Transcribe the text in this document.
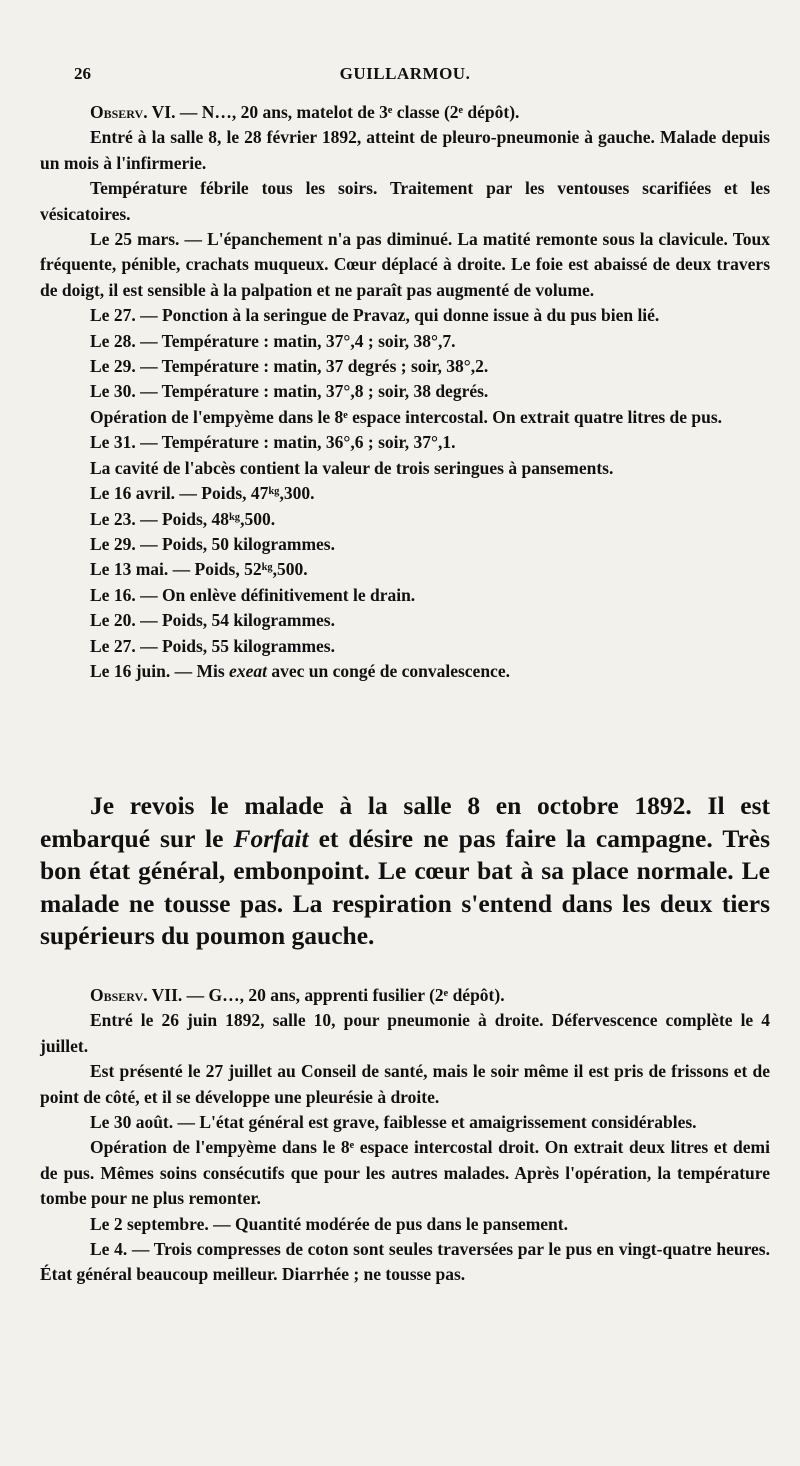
26	GUILLARMOU.

Observ. VI. — N…, 20 ans, matelot de 3ᵉ classe (2ᵉ dépôt).

Entré à la salle 8, le 28 février 1892, atteint de pleuro-pneumonie à gauche. Malade depuis un mois à l'infirmerie.

Température fébrile tous les soirs. Traitement par les ventouses scarifiées et les vésicatoires.

Le 25 mars. — L'épanchement n'a pas diminué. La matité remonte sous la clavicule. Toux fréquente, pénible, crachats muqueux. Cœur déplacé à droite. Le foie est abaissé de deux travers de doigt, il est sensible à la palpation et ne paraît pas augmenté de volume.

Le 27. — Ponction à la seringue de Pravaz, qui donne issue à du pus bien lié.

Le 28. — Température : matin, 37°,4 ; soir, 38°,7.

Le 29. — Température : matin, 37 degrés ; soir, 38°,2.

Le 30. — Température : matin, 37°,8 ; soir, 38 degrés.

Opération de l'empyème dans le 8ᵉ espace intercostal. On extrait quatre litres de pus.

Le 31. — Température : matin, 36°,6 ; soir, 37°,1.

La cavité de l'abcès contient la valeur de trois seringues à pansements.

Le 16 avril. — Poids, 47ᵏᵍ,300.

Le 23. — Poids, 48ᵏᵍ,500.

Le 29. — Poids, 50 kilogrammes.

Le 13 mai. — Poids, 52ᵏᵍ,500.

Le 16. — On enlève définitivement le drain.

Le 20. — Poids, 54 kilogrammes.

Le 27. — Poids, 55 kilogrammes.

Le 16 juin. — Mis exeat avec un congé de convalescence.

Je revois le malade à la salle 8 en octobre 1892. Il est embarqué sur le Forfait et désire ne pas faire la campagne. Très bon état général, embonpoint. Le cœur bat à sa place normale. Le malade ne tousse pas. La respiration s'entend dans les deux tiers supérieurs du poumon gauche.

Observ. VII. — G…, 20 ans, apprenti fusilier (2ᵉ dépôt).

Entré le 26 juin 1892, salle 10, pour pneumonie à droite. Défervescence complète le 4 juillet.

Est présenté le 27 juillet au Conseil de santé, mais le soir même il est pris de frissons et de point de côté, et il se développe une pleurésie à droite.

Le 30 août. — L'état général est grave, faiblesse et amaigrissement considérables.

Opération de l'empyème dans le 8ᵉ espace intercostal droit. On extrait deux litres et demi de pus. Mêmes soins consécutifs que pour les autres malades. Après l'opération, la température tombe pour ne plus remonter.

Le 2 septembre. — Quantité modérée de pus dans le pansement.

Le 4. — Trois compresses de coton sont seules traversées par le pus en vingt-quatre heures. État général beaucoup meilleur. Diarrhée ; ne tousse pas.
